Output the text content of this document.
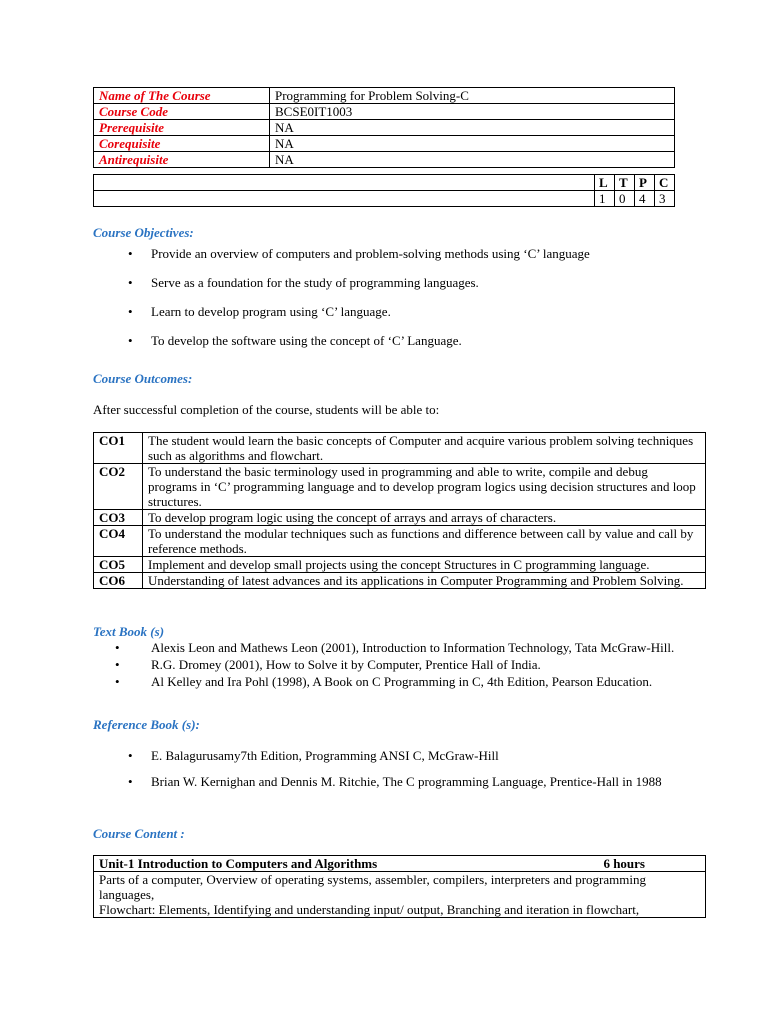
Name of The Course	Programming for Problem Solving-C
Course Code	BCSE0IT1003
Prerequisite	NA
Corequisite	NA
Antirequisite	NA
	L	T	P	C
	1	0	4	3
Course Objectives:
• Provide an overview of computers and problem-solving methods using ‘C’ language
• Serve as a foundation for the study of programming languages.
• Learn to develop program using ‘C’ language.
• To develop the software using the concept of ‘C’ Language.
Course Outcomes:
After successful completion of the course, students will be able to:
CO1	The student would learn the basic concepts of Computer and acquire various problem solving techniques such as algorithms and flowchart.
CO2	To understand the basic terminology used in programming and able to write, compile and debug programs in ‘C’ programming language and to develop program logics using decision structures and loop structures.
CO3	To develop program logic using the concept of arrays and arrays of characters.
CO4	To understand the modular techniques such as functions and difference between call by value and call by reference methods.
CO5	Implement and develop small projects using the concept Structures in C programming language.
CO6	Understanding of latest advances and its applications in Computer Programming and Problem Solving.
Text Book (s)
• Alexis Leon and Mathews Leon (2001), Introduction to Information Technology, Tata McGraw-Hill.
• R.G. Dromey (2001), How to Solve it by Computer, Prentice Hall of India.
• Al Kelley and Ira Pohl (1998), A Book on C Programming in C, 4th Edition, Pearson Education.
Reference Book (s):
• E. Balagurusamy7th Edition, Programming ANSI C, McGraw-Hill
• Brian W. Kernighan and Dennis M. Ritchie, The C programming Language, Prentice-Hall in 1988
Course Content :
Unit-1 Introduction to Computers and Algorithms	6 hours

Parts of a computer, Overview of operating systems, assembler, compilers, interpreters and programming languages,
Flowchart: Elements, Identifying and understanding input/ output, Branching and iteration in flowchart,
